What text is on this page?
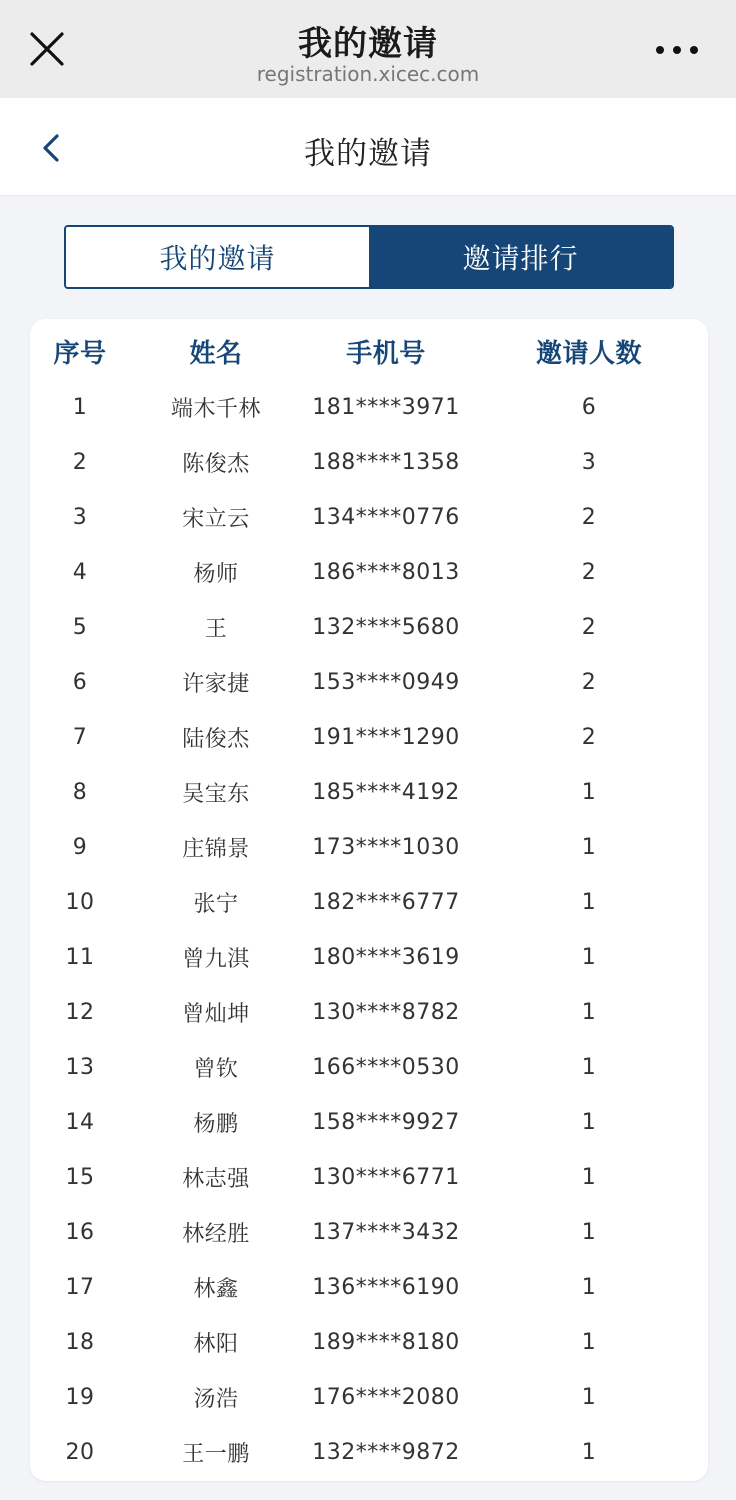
我的邀请
registration.xicec.com
我的邀请
我的邀请	邀请排行
序号	姓名	手机号	邀请人数
1	端木千林	181****3971	6
2	陈俊杰	188****1358	3
3	宋立云	134****0776	2
4	杨师	186****8013	2
5	王	132****5680	2
6	许家捷	153****0949	2
7	陆俊杰	191****1290	2
8	吴宝东	185****4192	1
9	庄锦景	173****1030	1
10	张宁	182****6777	1
11	曾九淇	180****3619	1
12	曾灿坤	130****8782	1
13	曾钦	166****0530	1
14	杨鹏	158****9927	1
15	林志强	130****6771	1
16	林经胜	137****3432	1
17	林鑫	136****6190	1
18	林阳	189****8180	1
19	汤浩	176****2080	1
20	王一鹏	132****9872	1
